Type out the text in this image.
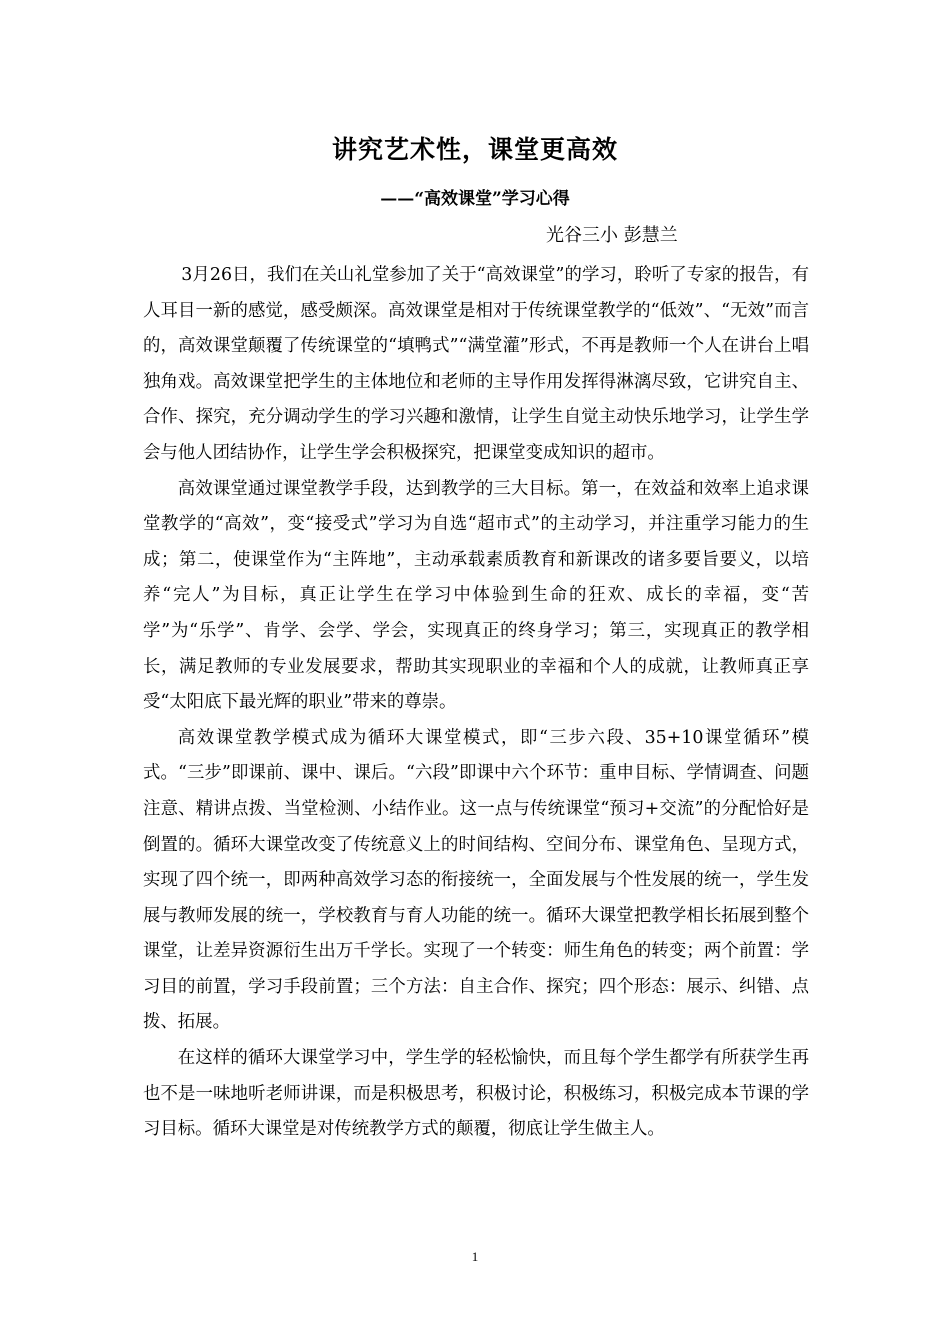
讲究艺术性，课堂更高效
——“高效课堂”学习心得
光谷三小 彭慧兰

3月26日，我们在关山礼堂参加了关于“高效课堂”的学习，聆听了专家的报告，有人耳目一新的感觉，感受颇深。高效课堂是相对于传统课堂教学的“低效”、“无效”而言的，高效课堂颠覆了传统课堂的“填鸭式”“满堂灌”形式，不再是教师一个人在讲台上唱独角戏。高效课堂把学生的主体地位和老师的主导作用发挥得淋漓尽致，它讲究自主、合作、探究，充分调动学生的学习兴趣和激情，让学生自觉主动快乐地学习，让学生学会与他人团结协作，让学生学会积极探究，把课堂变成知识的超市。

高效课堂通过课堂教学手段，达到教学的三大目标。第一，在效益和效率上追求课堂教学的“高效”，变“接受式”学习为自选“超市式”的主动学习，并注重学习能力的生成；第二，使课堂作为“主阵地”，主动承载素质教育和新课改的诸多要旨要义，以培养“完人”为目标，真正让学生在学习中体验到生命的狂欢、成长的幸福，变“苦学”为“乐学”、肯学、会学、学会，实现真正的终身学习；第三，实现真正的教学相长，满足教师的专业发展要求，帮助其实现职业的幸福和个人的成就，让教师真正享受“太阳底下最光辉的职业”带来的尊崇。

高效课堂教学模式成为循环大课堂模式，即“三步六段、35+10课堂循环”模式。“三步”即课前、课中、课后。“六段”即课中六个环节：重申目标、学情调查、问题注意、精讲点拨、当堂检测、小结作业。这一点与传统课堂“预习+交流”的分配恰好是倒置的。循环大课堂改变了传统意义上的时间结构、空间分布、课堂角色、呈现方式，实现了四个统一，即两种高效学习态的衔接统一，全面发展与个性发展的统一，学生发展与教师发展的统一，学校教育与育人功能的统一。循环大课堂把教学相长拓展到整个课堂，让差异资源衍生出万千学长。实现了一个转变：师生角色的转变；两个前置：学习目的前置，学习手段前置；三个方法：自主合作、探究；四个形态：展示、纠错、点拨、拓展。

在这样的循环大课堂学习中，学生学的轻松愉快，而且每个学生都学有所获学生再也不是一味地听老师讲课，而是积极思考，积极讨论，积极练习，积极完成本节课的学习目标。循环大课堂是对传统教学方式的颠覆，彻底让学生做主人。

1
